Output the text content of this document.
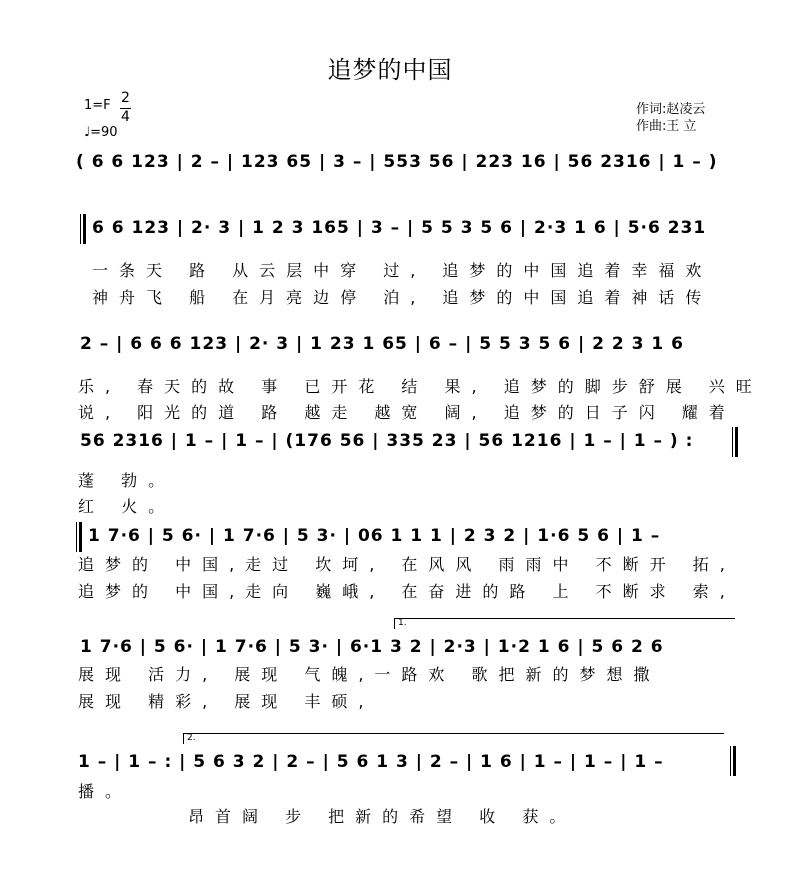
追梦的中国
1=F 2
4
♩=90
作词:赵凌云
作曲:王 立
( 6 6 123 | 2 – | 123 65 | 3 – | 553 56 | 223 16 | 56 2316 | 1 – )
6 6 123 | 2· 3 | 1 2 3 165 | 3 – | 5 5 3 5 6 | 2·3 1 6 | 5·6 231
一条天 路 从云层中穿 过, 追梦的中国追着幸福欢
神舟飞 船 在月亮边停 泊, 追梦的中国追着神话传
2 – | 6 6 6 123 | 2· 3 | 1 23 1 65 | 6 – | 5 5 3 5 6 | 2 2 3 1 6
乐, 春天的故 事 已开花 结 果, 追梦的脚步舒展 兴旺
说, 阳光的道 路 越走 越宽 阔, 追梦的日子闪 耀着
56 2316 | 1 – | 1 – | (176 56 | 335 23 | 56 1216 | 1 – | 1 – ) :
蓬 勃。
红 火。
1 7·6 | 5 6· | 1 7·6 | 5 3· | 06 1 1 1 | 2 3 2 | 1·6 5 6 | 1 –
追梦的 中国,走过 坎坷, 在风风 雨雨中 不断开 拓,
追梦的 中国,走向 巍峨, 在奋进的路 上 不断求 索,
1.
1 7·6 | 5 6· | 1 7·6 | 5 3· | 6·1 3 2 | 2·3 | 1·2 1 6 | 5 6 2 6
展现 活力, 展现 气魄,一路欢 歌把新的梦想撒
展现 精彩, 展现 丰硕,
2.
1 – | 1 – : | 5 6 3 2 | 2 – | 5 6 1 3 | 2 – | 1 6 | 1 – | 1 – | 1 –
播。
昂首阔 步 把新的希望 收 获。
